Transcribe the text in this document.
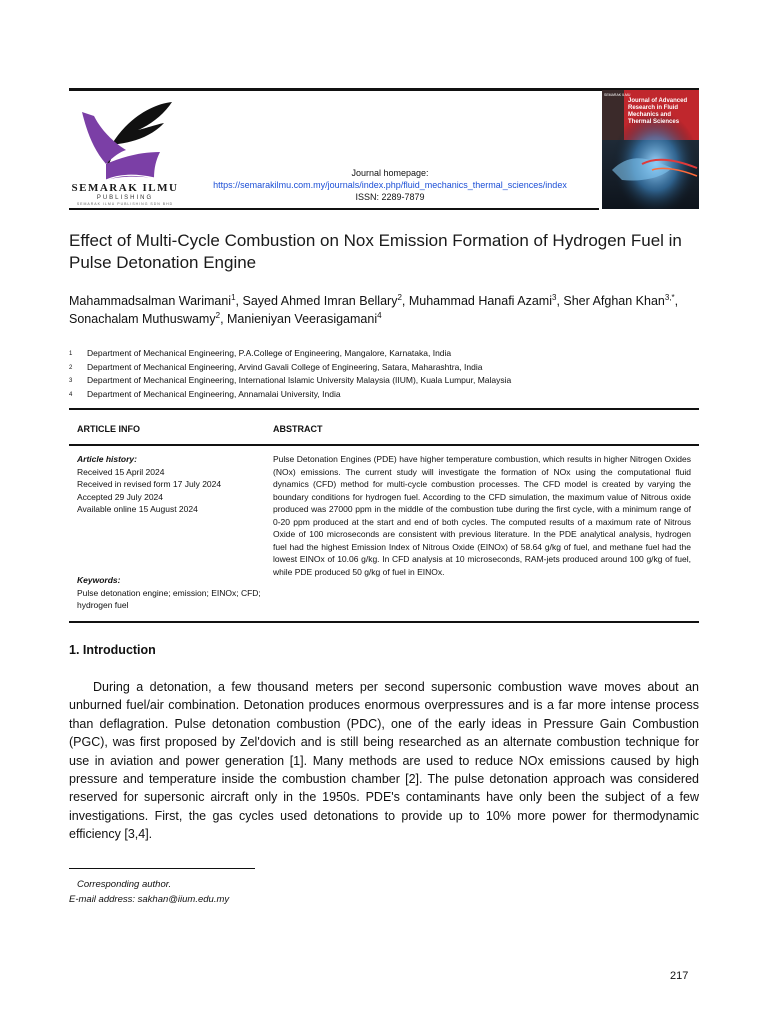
SEMARAK ILMU
PUBLISHING
SEMARAK ILMU PUBLISHING SDN BHD
Journal homepage:
https://semarakilmu.com.my/journals/index.php/fluid_mechanics_thermal_sciences/index
ISSN: 2289-7879
SEMARAK ILMU
Journal of Advanced Research in Fluid Mechanics and Thermal Sciences
Effect of Multi-Cycle Combustion on Nox Emission Formation of Hydrogen Fuel in Pulse Detonation Engine
Mahammadsalman Warimani$^1$, Sayed Ahmed Imran Bellary$^2$, Muhammad Hanafi Azami$^3$, Sher Afghan Khan$^{3,*}$, Sonachalam Muthuswamy$^2$, Manieniyan Veerasigamani$^4$
1	Department of Mechanical Engineering, P.A.College of Engineering, Mangalore, Karnataka, India
2	Department of Mechanical Engineering, Arvind Gavali College of Engineering, Satara, Maharashtra, India
3	Department of Mechanical Engineering, International Islamic University Malaysia (IIUM), Kuala Lumpur, Malaysia
4	Department of Mechanical Engineering, Annamalai University, India
ARTICLE INFO	ABSTRACT
Article history:
Received 15 April 2024
Received in revised form 17 July 2024
Accepted 29 July 2024
Available online 15 August 2024
Keywords:
Pulse detonation engine; emission; EINOx; CFD; hydrogen fuel
Pulse Detonation Engines (PDE) have higher temperature combustion, which results in higher Nitrogen Oxides (NOx) emissions. The current study will investigate the formation of NOx using the computational fluid dynamics (CFD) method for multi-cycle combustion processes. The CFD model is created by varying the boundary conditions for hydrogen fuel. According to the CFD simulation, the maximum value of Nitrous oxide produced was 27000 ppm in the middle of the combustion tube during the first cycle, with a minimum range of 0-20 ppm produced at the start and end of both cycles. The computed results of a maximum rate of Nitrous Oxide of 100 microseconds are consistent with previous literature. In the PDE analytical analysis, hydrogen fuel had the highest Emission Index of Nitrous Oxide (EINOx) of 58.64 g/kg of fuel, and methane fuel had the lowest EINOx of 10.06 g/kg. In CFD analysis at 10 microseconds, RAM-jets produced around 100 g/kg of fuel, while PDE produced 50 g/kg of fuel in EINOx.
1. Introduction
During a detonation, a few thousand meters per second supersonic combustion wave moves about an unburned fuel/air combination. Detonation produces enormous overpressures and is a far more intense process than deflagration. Pulse detonation combustion (PDC), one of the early ideas in Pressure Gain Combustion (PGC), was first proposed by Zel'dovich and is still being researched as an alternate combustion technique for use in aviation and power generation [1]. Many methods are used to reduce NOx emissions caused by high pressure and temperature inside the combustion chamber [2]. The pulse detonation approach was considered reserved for supersonic aircraft only in the 1950s. PDE's contaminants have only been the subject of a few investigations. First, the gas cycles used detonations to provide up to 10% more power for thermodynamic efficiency [3,4].
Corresponding author.
E-mail address: sakhan@iium.edu.my
217
